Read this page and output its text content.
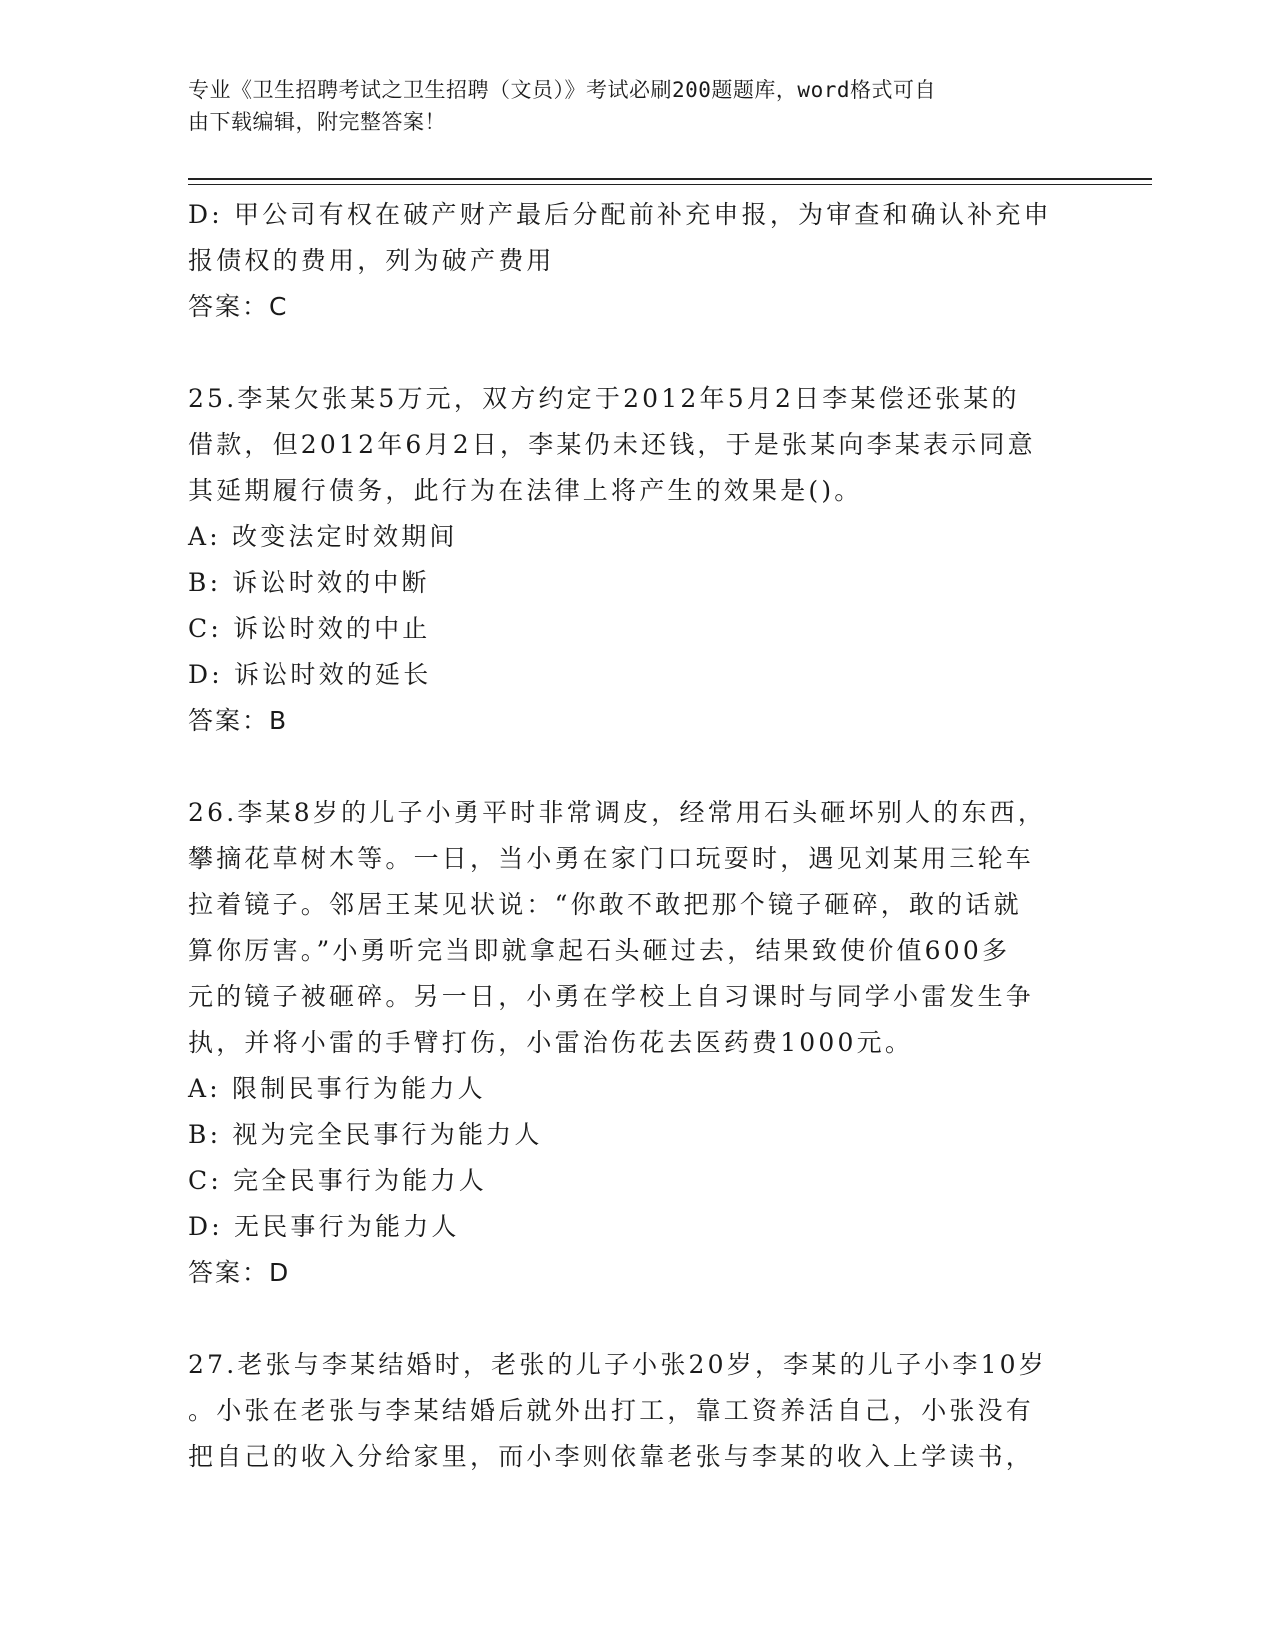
专业《卫生招聘考试之卫生招聘（文员）》考试必刷200题题库，word格式可自
由下载编辑，附完整答案！
D: 甲公司有权在破产财产最后分配前补充申报，为审查和确认补充申
报债权的费用，列为破产费用
答案：C
25.李某欠张某5万元，双方约定于2012年5月2日李某偿还张某的
借款，但2012年6月2日，李某仍未还钱，于是张某向李某表示同意
其延期履行债务，此行为在法律上将产生的效果是()。
A: 改变法定时效期间
B: 诉讼时效的中断
C: 诉讼时效的中止
D: 诉讼时效的延长
答案：B
26.李某8岁的儿子小勇平时非常调皮，经常用石头砸坏别人的东西，
攀摘花草树木等。一日，当小勇在家门口玩耍时，遇见刘某用三轮车
拉着镜子。邻居王某见状说：“你敢不敢把那个镜子砸碎，敢的话就
算你厉害。”小勇听完当即就拿起石头砸过去，结果致使价值600多
元的镜子被砸碎。另一日，小勇在学校上自习课时与同学小雷发生争
执，并将小雷的手臂打伤，小雷治伤花去医药费1000元。
A: 限制民事行为能力人
B: 视为完全民事行为能力人
C: 完全民事行为能力人
D: 无民事行为能力人
答案：D
27.老张与李某结婚时，老张的儿子小张20岁，李某的儿子小李10岁
。小张在老张与李某结婚后就外出打工，靠工资养活自己，小张没有
把自己的收入分给家里，而小李则依靠老张与李某的收入上学读书，
